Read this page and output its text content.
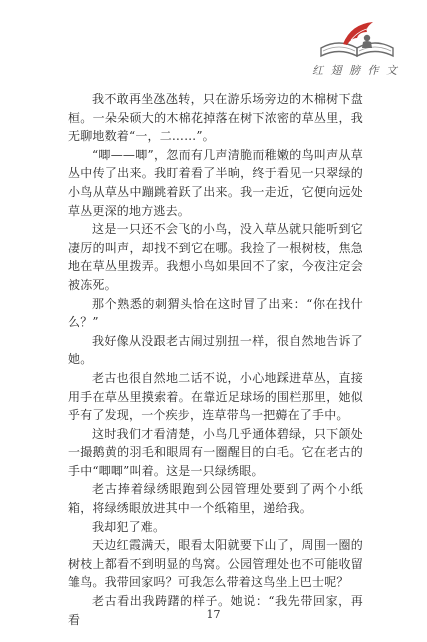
红 翅 膀 作 文

我不敢再坐氹氹转，只在游乐场旁边的木棉树下盘桓。一朵朵硕大的木棉花掉落在树下浓密的草丛里，我无聊地数着“一，二……”。

“唧——唧”，忽而有几声清脆而稚嫩的鸟叫声从草丛中传了出来。我盯着看了半晌，终于看见一只翠绿的小鸟从草丛中蹦跳着跃了出来。我一走近，它便向远处草丛更深的地方逃去。

这是一只还不会飞的小鸟，没入草丛就只能听到它凄厉的叫声，却找不到它在哪。我捡了一根树枝，焦急地在草丛里拨弄。我想小鸟如果回不了家，今夜注定会被冻死。

那个熟悉的刺猬头恰在这时冒了出来：“你在找什么？”

我好像从没跟老古闹过别扭一样，很自然地告诉了她。

老古也很自然地二话不说，小心地踩进草丛，直接用手在草丛里摸索着。在靠近足球场的围栏那里，她似乎有了发现，一个疾步，连草带鸟一把薅在了手中。

这时我们才看清楚，小鸟几乎通体碧绿，只下颌处一撮鹅黄的羽毛和眼周有一圈醒目的白毛。它在老古的手中“唧唧”叫着。这是一只绿绣眼。

老古捧着绿绣眼跑到公园管理处要到了两个小纸箱，将绿绣眼放进其中一个纸箱里，递给我。

我却犯了难。

天边红霞满天，眼看太阳就要下山了，周围一圈的树枝上都看不到明显的鸟窝。公园管理处也不可能收留雏鸟。我带回家吗？可我怎么带着这鸟坐上巴士呢？

老古看出我踌躇的样子。她说：“我先带回家，再看	17
